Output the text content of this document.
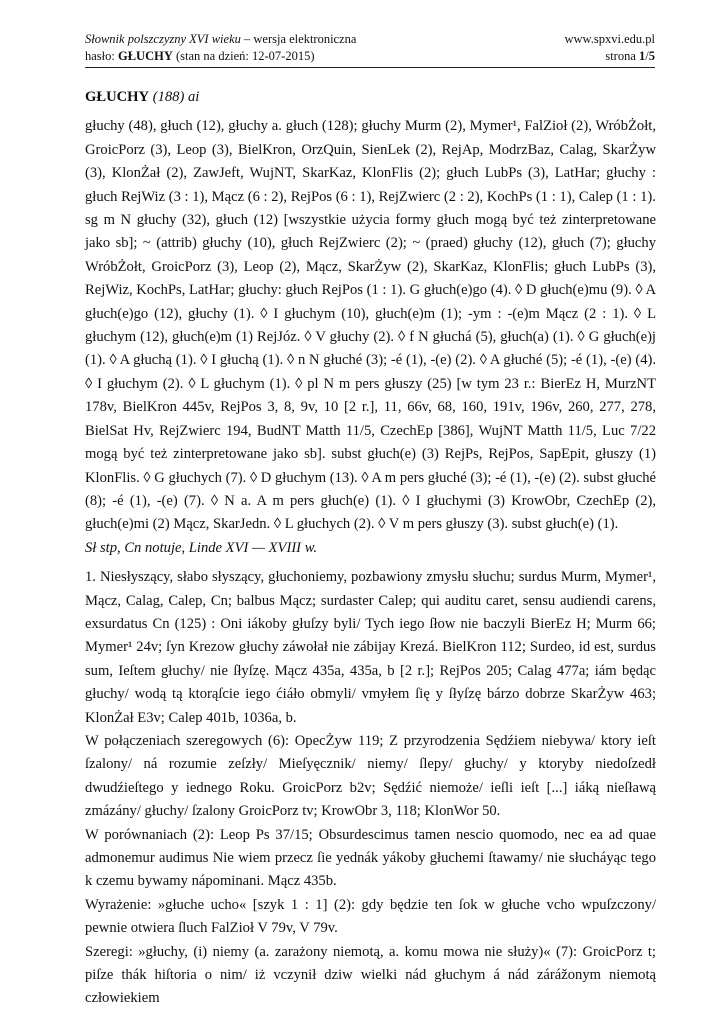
Słownik polszczyzny XVI wieku – wersja elektroniczna	www.spxvi.edu.pl
hasło: GŁUCHY (stan na dzień: 12-07-2015)	strona 1/5

GŁUCHY (188) ai

głuchy (48), głuch (12), głuchy a. głuch (128); głuchy Murm (2), Mymer¹, FalZioł (2), WróbŻołt, GroicPorz (3), Leop (3), BielKron, OrzQuin, SienLek (2), RejAp, ModrzBaz, Calag, SkarŻyw (3), KlonŻał (2), ZawJeft, WujNT, SkarKaz, KlonFlis (2); głuch LubPs (3), LatHar; głuchy : głuch RejWiz (3 : 1), Mącz (6 : 2), RejPos (6 : 1), RejZwierc (2 : 2), KochPs (1 : 1), Calep (1 : 1).

sg m N głuchy (32), głuch (12) [wszystkie użycia formy głuch mogą być też zinterpretowane jako sb]; ~ (attrib) głuchy (10), głuch RejZwierc (2); ~ (praed) głuchy (12), głuch (7); głuchy WróbŻołt, GroicPorz (3), Leop (2), Mącz, SkarŻyw (2), SkarKaz, KlonFlis; głuch LubPs (3), RejWiz, KochPs, LatHar; głuchy: głuch RejPos (1 : 1). G głuch(e)go (4). ◊ D głuch(e)mu (9). ◊ A głuch(e)go (12), głuchy (1). ◊ I głuchym (10), głuch(e)m (1); -ym : -(e)m Mącz (2 : 1). ◊ L głuchym (12), głuch(e)m (1) RejJóz. ◊ V głuchy (2). ◊ f N głuchá (5), głuch(a) (1). ◊ G głuch(e)j (1). ◊ A głuchą (1). ◊ I głuchą (1). ◊ n N głuché (3); -é (1), -(e) (2). ◊ A głuché (5); -é (1), -(e) (4). ◊ I głuchym (2). ◊ L głuchym (1). ◊ pl N m pers głuszy (25) [w tym 23 r.: BierEz H, MurzNT 178v, BielKron 445v, RejPos 3, 8, 9v, 10 [2 r.], 11, 66v, 68, 160, 191v, 196v, 260, 277, 278, BielSat Hv, RejZwierc 194, BudNT Matth 11/5, CzechEp [386], WujNT Matth 11/5, Luc 7/22 mogą być też zinterpretowane jako sb]. subst głuch(e) (3) RejPs, RejPos, SapEpit, głuszy (1) KlonFlis. ◊ G głuchych (7). ◊ D głuchym (13). ◊ A m pers głuché (3); -é (1), -(e) (2). subst głuché (8); -é (1), -(e) (7). ◊ N a. A m pers głuch(e) (1). ◊ I głuchymi (3) KrowObr, CzechEp (2), głuch(e)mi (2) Mącz, SkarJedn. ◊ L głuchych (2). ◊ V m pers głuszy (3). subst głuch(e) (1).

Sł stp, Cn notuje, Linde XVI — XVIII w.

1. Niesłyszący, słabo słyszący, głuchoniemy, pozbawiony zmysłu słuchu; surdus Murm, Mymer¹, Mącz, Calag, Calep, Cn; balbus Mącz; surdaster Calep; qui auditu caret, sensu audiendi carens, exsurdatus Cn (125) : Oni iákoby głuſzy byli/ Tych iego ſłow nie baczyli BierEz H; Murm 66; Mymer¹ 24v; ſyn Krezow głuchy záwołał nie zábijay Krezá. BielKron 112; Surdeo, id est, surdus sum, Ieſtem głuchy/ nie ſłyſzę. Mącz 435a, 435a, b [2 r.]; RejPos 205; Calag 477a; iám będąc głuchy/ wodą tą ktorąſcie iego ćiáło obmyli/ vmyłem ſię y ſłyſzę bárzo dobrze SkarŻyw 463; KlonŻał E3v; Calep 401b, 1036a, b.

W połączeniach szeregowych (6): OpecŻyw 119; Z przyrodzenia Sędźiem niebywa/ ktory ieſt ſzalony/ ná rozumie zeſzły/ Mieſyęcznik/ niemy/ ſlepy/ głuchy/ y ktoryby niedoſzedł dwudźieſtego y iednego Roku. GroicPorz b2v; Sędźić niemoże/ ieſli ieſt [...] iáką nieſławą zmázány/ głuchy/ ſzalony GroicPorz tv; KrowObr 3, 118; KlonWor 50.

W porównaniach (2): Leop Ps 37/15; Obsurdescimus tamen nescio quomodo, nec ea ad quae admonemur audimus Nie wiem przecz ſie yednák yákoby głuchemi ſtawamy/ nie słucháyąc tego k czemu bywamy nápominani. Mącz 435b.

Wyrażenie: »głuche ucho« [szyk 1 : 1] (2): gdy będzie ten ſok w głuche vcho wpuſzczony/ pewnie otwiera ſluch FalZioł V 79v, V 79v.

Szeregi: »głuchy, (i) niemy (a. zarażony niemotą, a. komu mowa nie służy)« (7): GroicPorz t; piſze thák hiſtoria o nim/ iż vczynił dziw wielki nád głuchym á nád zárážonym niemotą człowiekiem
